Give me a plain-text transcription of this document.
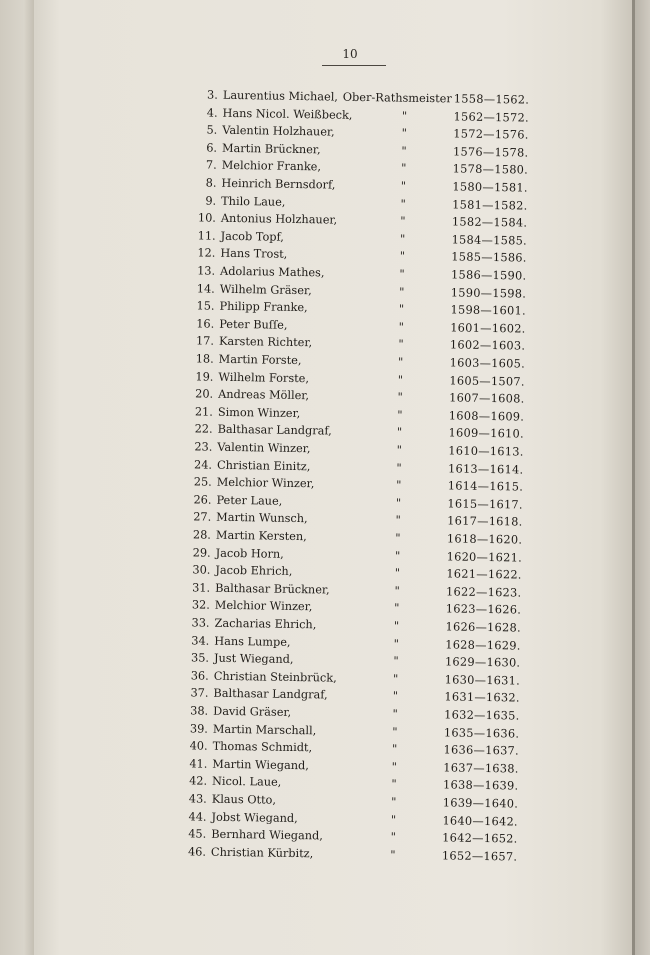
10
3. Laurentius Michael, Ober-Rathsmeister 1558—1562.
4. Hans Nicol. Weißbeck,	"	1562—1572.
5. Valentin Holzhauer,	"	1572—1576.
6. Martin Brückner,	"	1576—1578.
7. Melchior Franke,	"	1578—1580.
8. Heinrich Bernsdorf,	"	1580—1581.
9. Thilo Laue,	"	1581—1582.
10. Antonius Holzhauer,	"	1582—1584.
11. Jacob Topf,	"	1584—1585.
12. Hans Trost,	"	1585—1586.
13. Adolarius Mathes,	"	1586—1590.
14. Wilhelm Gräser,	"	1590—1598.
15. Philipp Franke,	"	1598—1601.
16. Peter Buſſe,	"	1601—1602.
17. Karsten Richter,	"	1602—1603.
18. Martin Forste,	"	1603—1605.
19. Wilhelm Forste,	"	1605—1507.
20. Andreas Möller,	"	1607—1608.
21. Simon Winzer,	"	1608—1609.
22. Balthasar Landgraf,	"	1609—1610.
23. Valentin Winzer,	"	1610—1613.
24. Christian Einitz,	"	1613—1614.
25. Melchior Winzer,	"	1614—1615.
26. Peter Laue,	"	1615—1617.
27. Martin Wunsch,	"	1617—1618.
28. Martin Kersten,	"	1618—1620.
29. Jacob Horn,	"	1620—1621.
30. Jacob Ehrich,	"	1621—1622.
31. Balthasar Brückner,	"	1622—1623.
32. Melchior Winzer,	"	1623—1626.
33. Zacharias Ehrich,	"	1626—1628.
34. Hans Lumpe,	"	1628—1629.
35. Just Wiegand,	"	1629—1630.
36. Christian Steinbrück,	"	1630—1631.
37. Balthasar Landgraf,	"	1631—1632.
38. David Gräser,	"	1632—1635.
39. Martin Marschall,	"	1635—1636.
40. Thomas Schmidt,	"	1636—1637.
41. Martin Wiegand,	"	1637—1638.
42. Nicol. Laue,	"	1638—1639.
43. Klaus Otto,	"	1639—1640.
44. Jobst Wiegand,	"	1640—1642.
45. Bernhard Wiegand,	"	1642—1652.
46. Christian Kürbitz,	"	1652—1657.
